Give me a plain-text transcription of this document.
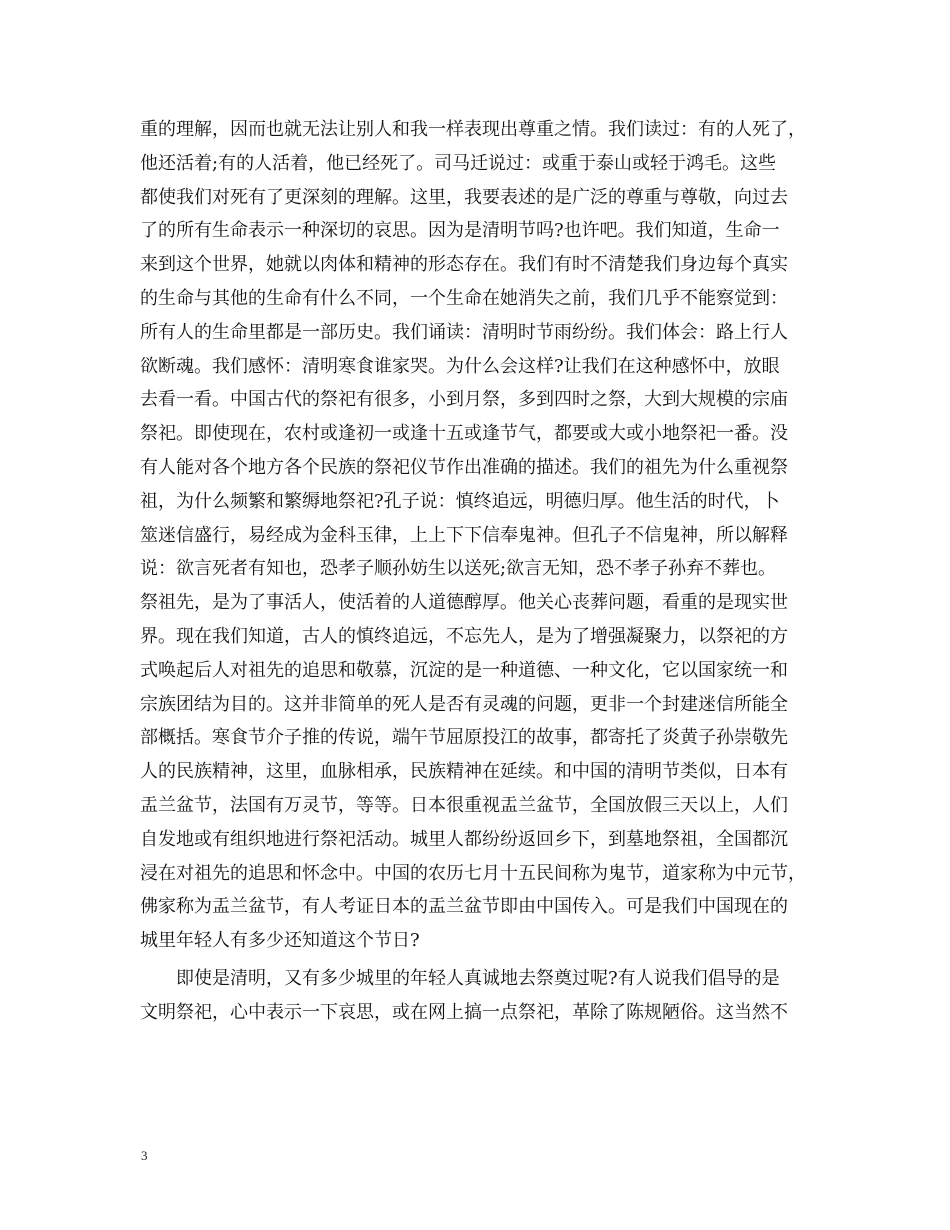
重的理解，因而也就无法让别人和我一样表现出尊重之情。我们读过：有的人死了，
他还活着;有的人活着，他已经死了。司马迁说过：或重于泰山或轻于鸿毛。这些
都使我们对死有了更深刻的理解。这里，我要表述的是广泛的尊重与尊敬，向过去
了的所有生命表示一种深切的哀思。因为是清明节吗?也许吧。我们知道，生命一
来到这个世界，她就以肉体和精神的形态存在。我们有时不清楚我们身边每个真实
的生命与其他的生命有什么不同，一个生命在她消失之前，我们几乎不能察觉到：
所有人的生命里都是一部历史。我们诵读：清明时节雨纷纷。我们体会：路上行人
欲断魂。我们感怀：清明寒食谁家哭。为什么会这样?让我们在这种感怀中，放眼
去看一看。中国古代的祭祀有很多，小到月祭，多到四时之祭，大到大规模的宗庙
祭祀。即使现在，农村或逢初一或逢十五或逢节气，都要或大或小地祭祀一番。没
有人能对各个地方各个民族的祭祀仪节作出准确的描述。我们的祖先为什么重视祭
祖，为什么频繁和繁缛地祭祀?孔子说：慎终追远，明德归厚。他生活的时代，卜
筮迷信盛行，易经成为金科玉律，上上下下信奉鬼神。但孔子不信鬼神，所以解释
说：欲言死者有知也，恐孝子顺孙妨生以送死;欲言无知，恐不孝子孙弃不葬也。
祭祖先，是为了事活人，使活着的人道德醇厚。他关心丧葬问题，看重的是现实世
界。现在我们知道，古人的慎终追远，不忘先人，是为了增强凝聚力，以祭祀的方
式唤起后人对祖先的追思和敬慕，沉淀的是一种道德、一种文化，它以国家统一和
宗族团结为目的。这并非简单的死人是否有灵魂的问题，更非一个封建迷信所能全
部概括。寒食节介子推的传说，端午节屈原投江的故事，都寄托了炎黄子孙崇敬先
人的民族精神，这里，血脉相承，民族精神在延续。和中国的清明节类似，日本有
盂兰盆节，法国有万灵节，等等。日本很重视盂兰盆节，全国放假三天以上，人们
自发地或有组织地进行祭祀活动。城里人都纷纷返回乡下，到墓地祭祖，全国都沉
浸在对祖先的追思和怀念中。中国的农历七月十五民间称为鬼节，道家称为中元节，
佛家称为盂兰盆节，有人考证日本的盂兰盆节即由中国传入。可是我们中国现在的
城里年轻人有多少还知道这个节日?
即使是清明，又有多少城里的年轻人真诚地去祭奠过呢?有人说我们倡导的是
文明祭祀，心中表示一下哀思，或在网上搞一点祭祀，革除了陈规陋俗。这当然不
3
